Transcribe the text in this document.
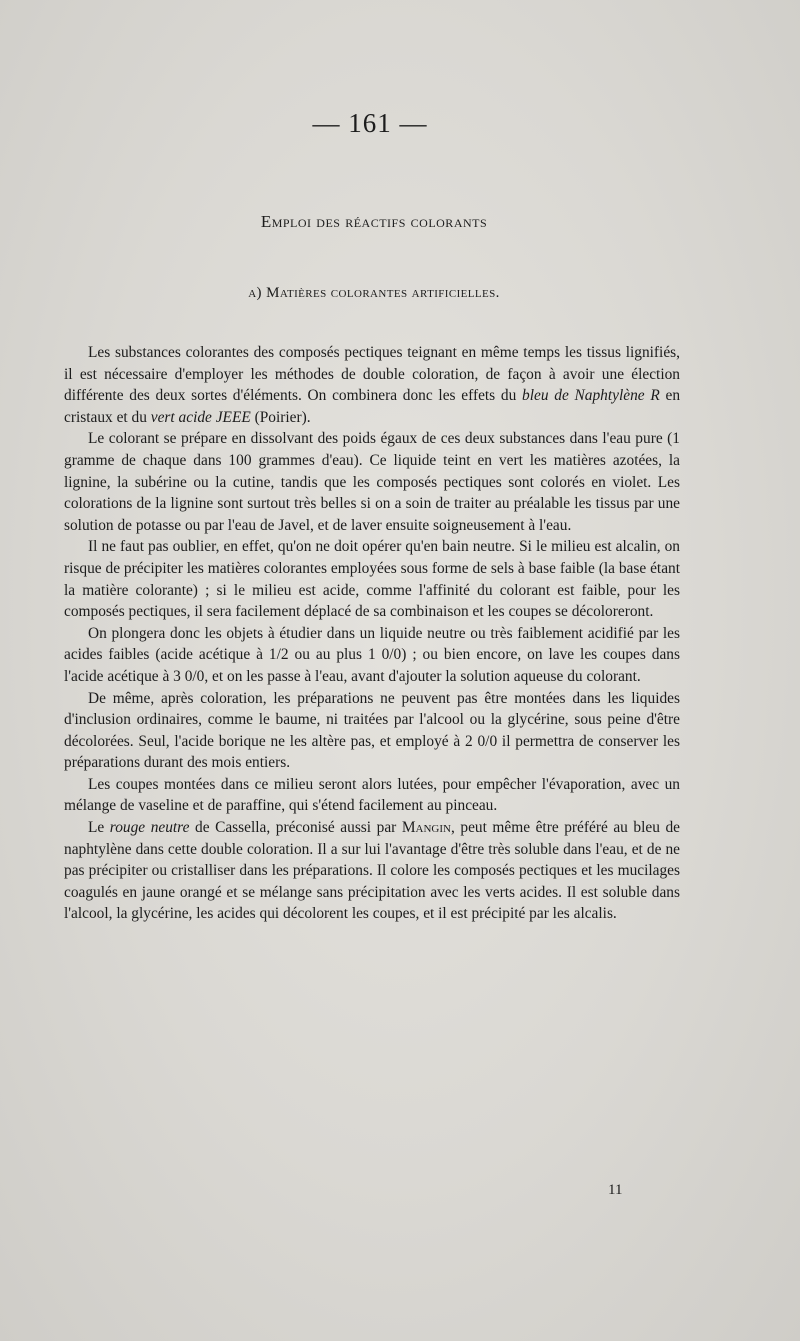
— 161 —
Emploi des réactifs colorants
a) Matières colorantes artificielles.

Les substances colorantes des composés pectiques teignant en même temps les tissus lignifiés, il est nécessaire d'employer les méthodes de double coloration, de façon à avoir une élection différente des deux sortes d'éléments. On combinera donc les effets du bleu de Naphtylène R en cristaux et du vert acide JEEE (Poirier).

Le colorant se prépare en dissolvant des poids égaux de ces deux substances dans l'eau pure (1 gramme de chaque dans 100 grammes d'eau). Ce liquide teint en vert les matières azotées, la lignine, la subérine ou la cutine, tandis que les composés pectiques sont colorés en violet. Les colorations de la lignine sont surtout très belles si on a soin de traiter au préalable les tissus par une solution de potasse ou par l'eau de Javel, et de laver ensuite soigneusement à l'eau.

Il ne faut pas oublier, en effet, qu'on ne doit opérer qu'en bain neutre. Si le milieu est alcalin, on risque de précipiter les matières colorantes employées sous forme de sels à base faible (la base étant la matière colorante) ; si le milieu est acide, comme l'affinité du colorant est faible, pour les composés pectiques, il sera facilement déplacé de sa combinaison et les coupes se décoloreront.

On plongera donc les objets à étudier dans un liquide neutre ou très faiblement acidifié par les acides faibles (acide acétique à 1/2 ou au plus 1 0/0) ; ou bien encore, on lave les coupes dans l'acide acétique à 3 0/0, et on les passe à l'eau, avant d'ajouter la solution aqueuse du colorant.

De même, après coloration, les préparations ne peuvent pas être montées dans les liquides d'inclusion ordinaires, comme le baume, ni traitées par l'alcool ou la glycérine, sous peine d'être décolorées. Seul, l'acide borique ne les altère pas, et employé à 2 0/0 il permettra de conserver les préparations durant des mois entiers.

Les coupes montées dans ce milieu seront alors lutées, pour empêcher l'évaporation, avec un mélange de vaseline et de paraffine, qui s'étend facilement au pinceau.

Le rouge neutre de Cassella, préconisé aussi par Mangin, peut même être préféré au bleu de naphtylène dans cette double coloration. Il a sur lui l'avantage d'être très soluble dans l'eau, et de ne pas précipiter ou cristalliser dans les préparations. Il colore les composés pectiques et les mucilages coagulés en jaune orangé et se mélange sans précipitation avec les verts acides. Il est soluble dans l'alcool, la glycérine, les acides qui décolorent les coupes, et il est précipité par les alcalis.

11
